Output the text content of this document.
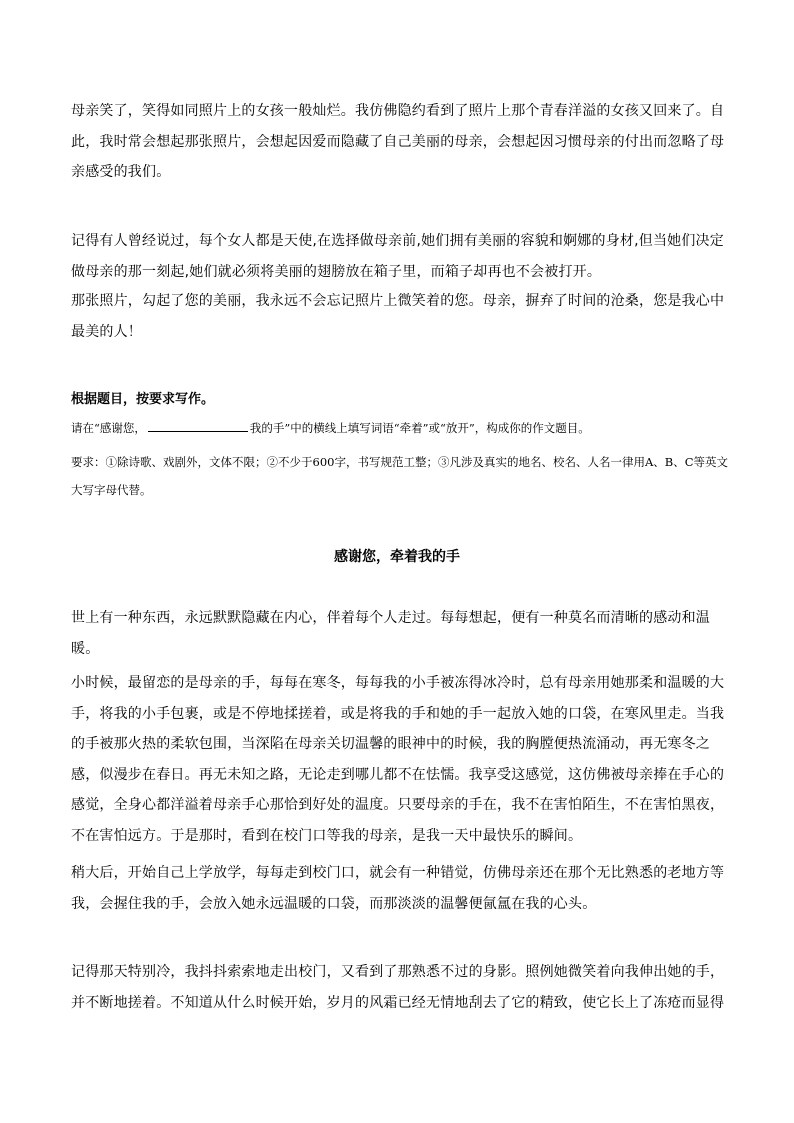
母亲笑了，笑得如同照片上的女孩一般灿烂。我仿佛隐约看到了照片上那个青春洋溢的女孩又回来了。自此，我时常会想起那张照片，会想起因爱而隐藏了自己美丽的母亲，会想起因习惯母亲的付出而忽略了母亲感受的我们。

记得有人曾经说过，每个女人都是天使,在选择做母亲前,她们拥有美丽的容貌和婀娜的身材,但当她们决定做母亲的那一刻起,她们就必须将美丽的翅膀放在箱子里，而箱子却再也不会被打开。

那张照片，勾起了您的美丽，我永远不会忘记照片上微笑着的您。母亲，摒弃了时间的沧桑，您是我心中最美的人！

根据题目，按要求写作。

请在“感谢您，	我的手”中的横线上填写词语“牵着”或“放开”，构成你的作文题目。

要求：①除诗歌、戏剧外，文体不限；②不少于600字，书写规范工整；③凡涉及真实的地名、校名、人名一律用A、B、C等英文大写字母代替。

感谢您，牵着我的手

世上有一种东西，永远默默隐藏在内心，伴着每个人走过。每每想起，便有一种莫名而清晰的感动和温暖。

小时候，最留恋的是母亲的手，每每在寒冬，每每我的小手被冻得冰冷时，总有母亲用她那柔和温暖的大手，将我的小手包裹，或是不停地揉搓着，或是将我的手和她的手一起放入她的口袋，在寒风里走。当我的手被那火热的柔软包围，当深陷在母亲关切温馨的眼神中的时候，我的胸膛便热流涌动，再无寒冬之感，似漫步在春日。再无未知之路，无论走到哪儿都不在怯懦。我享受这感觉，这仿佛被母亲捧在手心的感觉，全身心都洋溢着母亲手心那恰到好处的温度。只要母亲的手在，我不在害怕陌生，不在害怕黑夜，不在害怕远方。于是那时，看到在校门口等我的母亲，是我一天中最快乐的瞬间。

稍大后，开始自己上学放学，每每走到校门口，就会有一种错觉，仿佛母亲还在那个无比熟悉的老地方等我，会握住我的手，会放入她永远温暖的口袋，而那淡淡的温馨便氤氲在我的心头。

记得那天特别冷，我抖抖索索地走出校门，又看到了那熟悉不过的身影。照例她微笑着向我伸出她的手，并不断地搓着。不知道从什么时候开始，岁月的风霜已经无情地刮去了它的精致，使它长上了冻疮而显得
